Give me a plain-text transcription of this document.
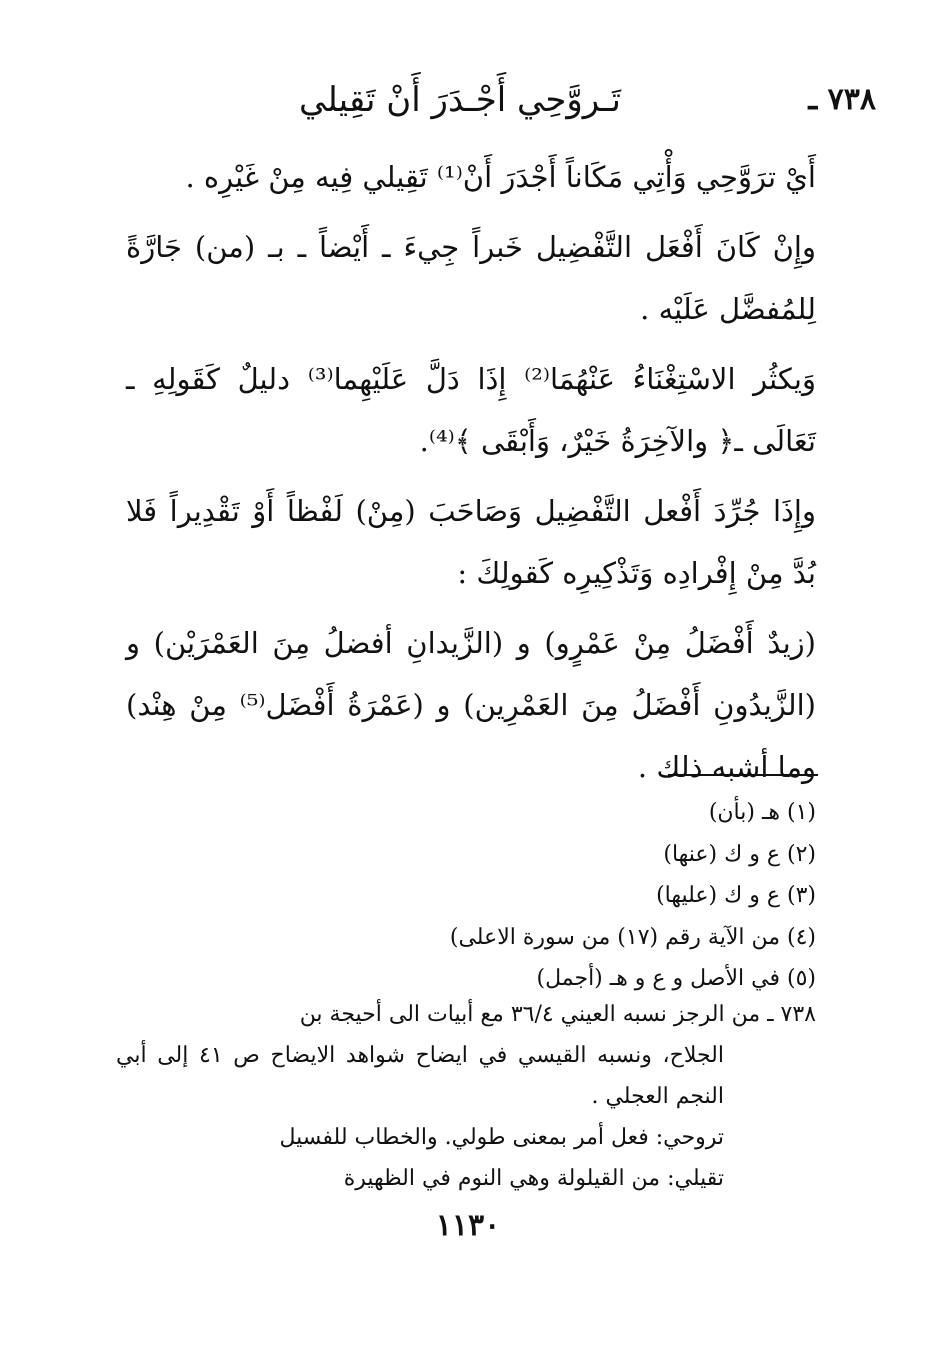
٧٣٨ ـ
تَـروَّحِي أَجْـدَرَ أَنْ تَقِيلي

أَيْ ترَوَّحِي وَأْتِي مَكَاناً أَجْدَرَ أَنْ⁽¹⁾ تَقِيلي فِيه مِنْ غَيْرِه .

وإِنْ كَانَ أَفْعَل التَّفْضِيل خَبراً جِيءَ ـ أَيْضاً ـ بـ (من) جَارَّةً لِلمُفضَّل عَلَيْه .

وَيكثُر الاسْتِغْنَاءُ عَنْهُمَا⁽²⁾ إِذَا دَلَّ عَلَيْهِما⁽³⁾ دليلٌ كَقَولِهِ ـ تَعَالَى ـ﴿ والآخِرَةُ خَيْرٌ، وَأَبْقَى ﴾⁽⁴⁾.

وإِذَا جُرِّدَ أَفْعل التَّفْضِيل وَصَاحَبَ (مِنْ) لَفْظاً أَوْ تَقْدِيراً فَلا بُدَّ مِنْ إِفْرادِه وَتَذْكِيرِه كَقولِكَ :

(زيدٌ أَفْضَلُ مِنْ عَمْرٍو) و (الزَّيدانِ أفضلُ مِنَ العَمْرَيْن) و (الزَّيدُونِ أَفْضَلُ مِنَ العَمْرِين) و (عَمْرَةُ أَفْضَل⁽⁵⁾ مِنْ هِنْد) وما أشبه ذلك .

(١) هـ (بأن)
(٢) ع و ك (عنها)
(٣) ع و ك (عليها)
(٤) من الآية رقم (١٧) من سورة الاعلى)
(٥) في الأصل و ع و هـ (أجمل)
٧٣٨ ـ من الرجز نسبه العيني ٣٦/٤ مع أبيات الى أحيجة بن
الجلاح، ونسبه القيسي في ايضاح شواهد الايضاح ص ٤١ إلى أبي النجم العجلي .
تروحي: فعل أمر بمعنى طولي. والخطاب للفسيل
تقيلي: من القيلولة وهي النوم في الظهيرة
١١٣٠
